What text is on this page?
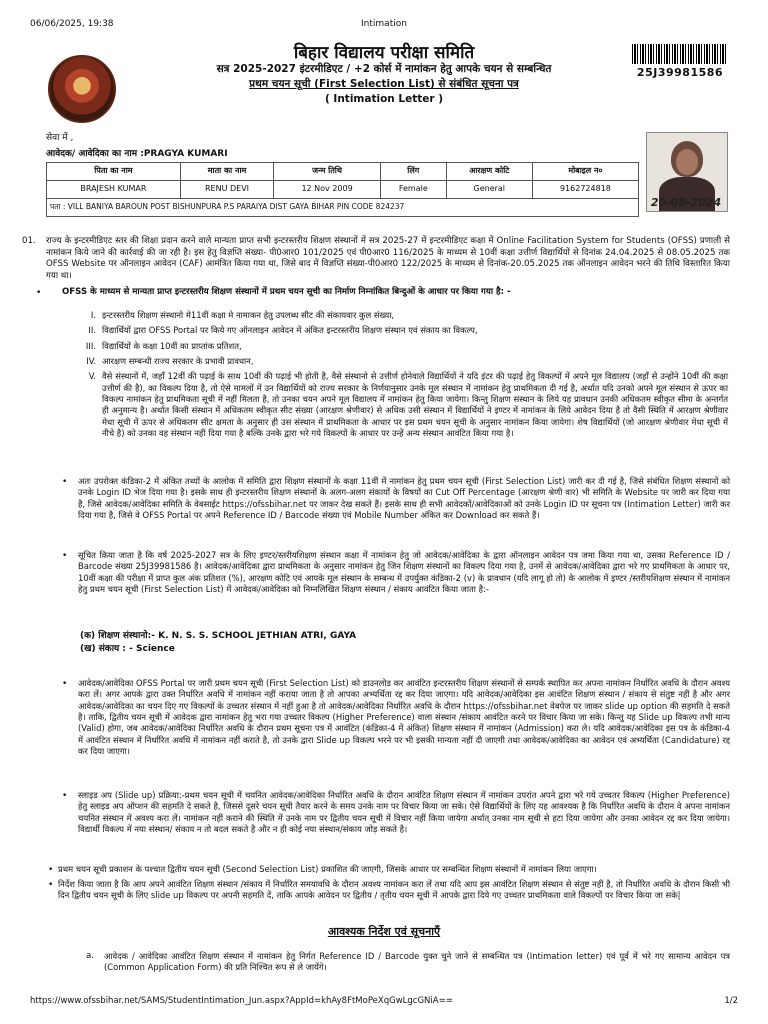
06/06/2025, 19:38	Intimation
बिहार विद्यालय परीक्षा समिति
सत्र 2025-2027 इंटरमीडिएट / +2 कोर्स में नामांकन हेतु आपके चयन से सम्बन्धित
प्रथम चयन सूची (First Selection List) से संबंधित सूचना पत्र
( Intimation Letter )
25J39981586
सेवा में ,
आवेदक/ आवेदिका का नाम :PRAGYA KUMARI
पिता का नाम	माता का नाम	जन्म तिथि	लिंग	आरक्षण कोटि	मोबाइल न०
BRAJESH KUMAR	RENU DEVI	12 Nov 2009	Female	General	9162724818
पता : VILL BANIYA BAROUN POST BISHUNPURA P.S PARAIYA DIST GAYA BIHAR PIN CODE 824237						20-08-2024
01. राज्य के इन्टरमीडिएट स्तर की शिक्षा प्रदान करने वाले मान्यता प्राप्त सभी इन्टरस्तरीय शिक्षण संस्थानों में सत्र 2025-27 में इन्टरमीडिएट कक्षा में Online Facilitation System for Students (OFSS) प्रणाली से नामांकन किये जाने की कार्रवाई की जा रही है। इस हेतु विज्ञप्ति संख्या- पी0आर0 101/2025 एवं पी0आर0 116/2025 के माध्यम से 10वीं कक्षा उत्तीर्ण विद्यार्थियों से दिनांक 24.04.2025 से 08.05.2025 तक OFSS Website पर ऑनलाइन आवेदन (CAF) आमंत्रित किया गया था, जिसे बाद में विज्ञप्ति संख्या-पी0आर0 122/2025 के माध्यम से दिनांक-20.05.2025 तक ऑनलाइन आवेदन भरने की तिथि विस्तारित किया गया था।
• OFSS के माध्यम से मान्यता प्राप्त इन्टरस्तरीय शिक्षण संस्थानों में प्रथम चयन सूची का निर्माण निम्नांकित बिन्दुओं के आधार पर किया गया है: -
I. इन्टरस्तरीय शिक्षण संस्थानो मे11वीं कक्षा मे नामाकन हेतु उपलब्ध सीट की संकायवार कुल संख्या,
II. विद्यार्थियों द्वारा OFSS Portal पर किये गए ऑनलाइन आवेदन में अंकित इन्टरस्तरीय शिक्षण संस्थान एवं संकाय का विकल्प,
III. विद्यार्थियों के कक्षा 10वीं का प्राप्तांक प्रतिशत,
IV. आरक्षण सम्बन्धी राज्य सरकार के प्रभावी प्रावधान,
V. वैसे संस्थानों में, जहाँ 12वीं की पढ़ाई के साथ 10वीं की पढ़ाई भी होती है, वैसे संस्थानो से उत्तीर्ण होनेवाले विद्यार्थियों ने यदि इंटर की पढ़ाई हेतु विकल्पों में अपने मूल विद्यालय (जहाँ से उन्होंने 10वीं की कक्षा उत्तीर्ण की है), का विकल्प दिया है, तो ऐसे मामलों में उन विद्यार्थियों को राज्य सरकार के निर्णयानुसार उनके मूल संस्थान में नामांकन हेतु प्राथमिकता दी गई है, अर्थात यदि उनको अपने मूल संस्थान से ऊपर का विकल्प नामांकन हेतु प्राथमिकता सूची में नहीं मिलता है, तो उनका चयन अपने मूल विद्यालय में नामांकन हेतु किया जायेगा। किन्तु शिक्षण संस्थान के लिये यह प्रावधान उनकी अधिकतम स्वीकृत सीमा के अन्तर्गत ही अनुमान्य है। अर्थात किसी संस्थान में अधिकतम स्वीकृत सीट संख्या (आरक्षण श्रेणीवार) से अधिक उसी संस्थान में विद्यार्थियों ने इण्टर में नामांकन के लिये आवेदन दिया है तो वैसी स्थिति में आरक्षण श्रेणीवार मेधा सूची में ऊपर से अधिकतम सीट क्षमता के अनुसार ही उस संस्थान में प्राथमिकता के आधार पर इस प्रथम चयन सूची के अनुसार नामांकन किया जायेगा। शेष विद्यार्थियों (जो आरक्षण श्रेणीवार मेधा सूची में नीचे है) को उनका वह संस्थान नहीं दिया गया है बल्कि उनके द्वारा भरे गये विकल्पों के आधार पर उन्हें अन्य संस्थान आवंटित किया गया है।
• अतः उपरोक्त कंडिका-2 में अंकित तथ्यों के आलोक में समिति द्वारा शिक्षण संस्थानों के कक्षा 11वीं में नामांकन हेतु प्रथम चयन सूची (First Selection List) जारी कर दी गई है, जिसे संबंधित शिक्षण संस्थानों को उनके Login ID भेज दिया गया है। इसके साथ ही इन्टरस्तरीय शिक्षण संस्थानों के अलग-अलग संकायों के विषयों का Cut Off Percentage (आरक्षण श्रेणी वार) भी समिति के Website पर जारी कर दिया गया है, जिसे आवेदक/आवेदिका समिति के वेबसाईट https://ofssbihar.net पर जाकर देख सकते हैं। इसके साथ ही सभी आवेदकों/आवेदिकाओं को उनके Login ID पर सूचना पत्र (Intimation Letter) जारी कर दिया गया है, जिसे वे OFSS Portal पर अपने Reference ID / Barcode संख्या एवं Mobile Number अंकित कर Download कर सकते हैं।
• सूचित किया जाता है कि वर्ष 2025-2027 सत्र के लिए इण्टर/स्तरीयशिक्षण संस्थान कक्षा में नामांकन हेतु जो आवेदक/आवेदिका के द्वारा ऑनलाइन आवेदन पत्र जमा किया गया था, उसका Reference ID / Barcode संख्या 25J39981586 है। आवेदक/आवेदिका द्वारा प्राथमिकता के अनुसार नामांकन हेतु जिन शिक्षण संस्थानों का विकल्प दिया गया है, उनमें से आवेदक/आवेदिका द्वारा भरे गए प्राथमिकता के आधार पर, 10वीं कक्षा की परीक्षा में प्राप्त कुल अंक प्रतिशत (%), आरक्षण कोटि एवं आपके मूल संस्थान के सम्बन्ध में उपर्युक्त कंडिका-2 (v) के प्रावधान (यदि लागू हो तो) के आलोक में इण्टर /स्तरीयशिक्षण संस्थान में नामांकन हेतु प्रथम चयन सूची (First Selection List) में आवेदक/आवेदिका को निम्नलिखित शिक्षण संस्थान / संकाय आवंटित किया जाता है:-
(क) शिक्षण संस्थानो:- K. N. S. S. SCHOOL JETHIAN ATRI, GAYA
(ख) संकाय : - Science
• आवेदक/आवेदिका OFSS Portal पर जारी प्रथम चयन सूची (First Selection List) को डाउनलोड कर आवंटित इन्टरस्तरीय शिक्षण संस्थानों से सम्पर्क स्थापित कर अपना नामांकन निर्धारित अवधि के दौरान अवश्य करा लें। अगर आपके द्वारा उक्त निर्धारित अवधि में नामांकन नहीं कराया जाता है तो आपका अभ्यर्थिता रद्द कर दिया जाएगा। यदि आवेदक/आवेदिका इस आवंटित शिक्षण संस्थान / संकाय से संतुष्ट नहीं है और अगर आवेदक/आवेदिका का चयन दिए गए विकल्पों के उच्चतर संस्थान में नहीं हुआ है तो आवेदक/आवेदिका निर्धारित अवधि के दौरान https://ofssbihar.net वेबपेज पर जाकर slide up option की सहमति दे सकते है। ताकि, द्वितीय चयन सूची में आवेदक द्वारा नामांकन हेतु भरा गया उच्चतर विकल्प (Higher Preference) वाला संस्थान /संकाय आवंटित करने पर विचार किया जा सके। किन्तु यह Slide up विकल्प तभी मान्य (Valid) होगा, जब आवेदक/आवेदिका निर्धारित अवधि के दौरान प्रथम सूचना पत्र में आवंटित (कंडिका-4 में अंकित) शिक्षण संस्थान में नामांकन (Admission) करा ले। यदि आवेदक/आवेदिका इस पत्र के कंडिका-4 में आवंटित संस्थान में निर्धारित अवधि में नामांकन नहीं कराते है, तो उनके द्वारा Slide up विकल्प भरने पर भी इसकी मान्यता नहीं दी जाएगी तथा आवेदक/आवेदिका का आवेदन एवं अभ्यर्थिता (Candidature) रद्द कर दिया जाएगा।
• स्लाइड अप (Slide up) प्रक्रिया:-प्रथम चयन सूची में चयनित आवेदक/आवेदिका निर्धारित अवधि के दौरान आवंटित शिक्षण संस्थान में नामांकन उपरांत अपने द्वारा भरे गये उच्चतर विकल्प (Higher Preference) हेतु स्लाइड अप ऑप्शन की सहमति दे सकते है, जिससे दूसरे चयन सूची तैयार करने के समय उनके नाम पर विचार किया जा सके। ऐसे विद्यार्थियों के लिए यह आवश्यक है कि निर्धारित अवधि के दौरान वे अपना नामांकन चयनित संस्थान में अवश्य करा लें। नामांकन नहीं कराने की स्थिति में उनके नाम पर द्वितीय चयन सूची में विचार नहीं किया जायेगा अर्थात् उनका नाम सूची से हटा दिया जायेगा और उनका आवेदन रद्द कर दिया जायेगा। विद्यार्थी विकल्प में नया संस्थान/ संकाय न तो बदल सकते है और न ही कोई नया संस्थान/संकाय जोड़ सकते है।
• प्रथम चयन सूची प्रकाशन के पश्चात द्वितीय चयन सूची (Second Selection List) प्रकाशित की जाएगी, जिसके आधार पर सम्बन्धित शिक्षण संस्थानों में नामांकन लिया जाएगा।
• निर्देश किया जाता है कि आप अपने आवंटित शिक्षण संस्थान /संकाय में निर्धारित समयावधि के दौरान अवश्य नामांकन करा लें तथा यदि आप इस आवंटित शिक्षण संस्थान से संतुष्ट नहीं है, तो निर्धारित अवधि के दौरान किसी भी दिन द्वितीय चयन सूची के लिए slide up विकल्प पर अपनी सहमति दें, ताकि आपके आवेदन पर द्वितीय / तृतीय चयन सूची में आपके द्वारा दिये गए उच्चतर प्राथमिकता वाले विकल्पों पर विचार किया जा सके|
आवश्यक निर्देश एवं सूचनाएँ
a. आवेदक / आवेदिका आवंटित शिक्षण संस्थान में नामांकन हेतु निर्गत Reference ID / Barcode युक्त चुने जाने से सम्बन्धित पत्र (Intimation letter) एवं पूर्व में भरे गए सामान्य आवेदन पत्र (Common Application Form) की प्रति निश्चित रूप से ले जायेंगे।
https://www.ofssbihar.net/SAMS/StudentIntimation_Jun.aspx?AppId=khAy8FtMoPeXqGwLgcGNiA==	1/2
